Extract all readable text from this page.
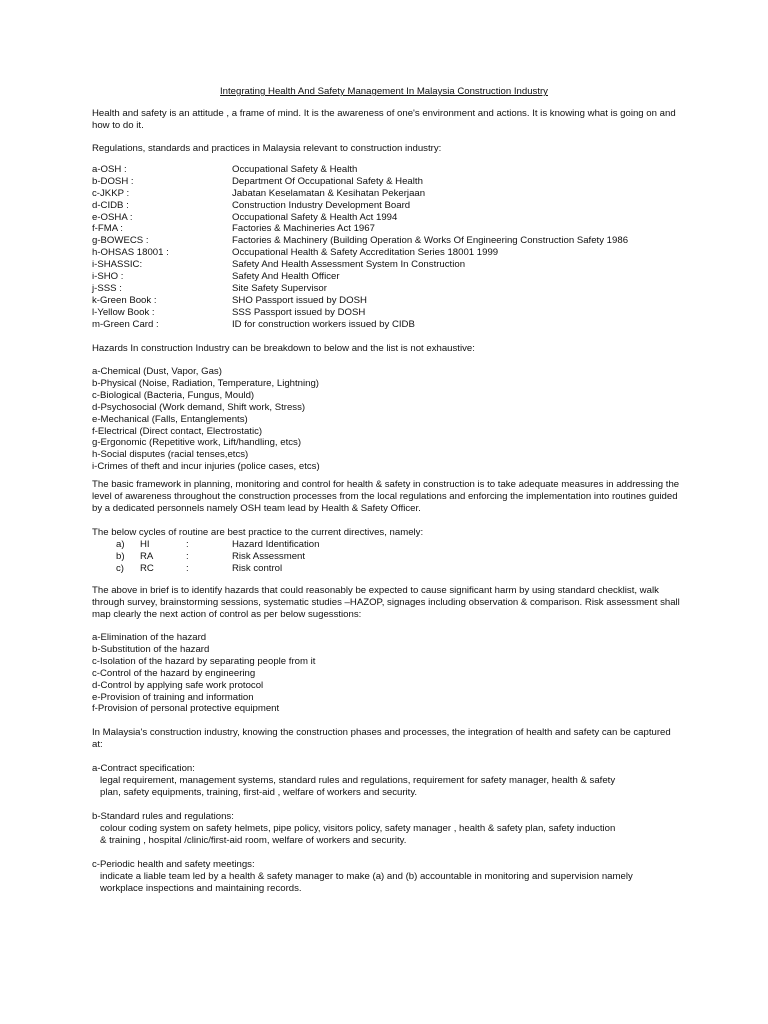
Integrating Health And Safety Management In Malaysia Construction Industry

Health and safety is an attitude , a frame of mind. It is the awareness of one's environment and actions. It is knowing what is going on and how to do it.

Regulations, standards and practices in Malaysia relevant to construction industry:

a-OSH :	Occupational Safety & Health
b-DOSH :	Department Of Occupational Safety & Health
c-JKKP :	Jabatan Keselamatan & Kesihatan Pekerjaan
d-CIDB :	Construction Industry Development Board
e-OSHA :	Occupational Safety & Health Act 1994
f-FMA :	Factories & Machineries Act 1967
g-BOWECS :	Factories & Machinery (Building Operation & Works Of Engineering Construction Safety 1986
h-OHSAS 18001 :	Occupational Health & Safety Accreditation Series 18001 1999
i-SHASSIC:	Safety And Health Assessment System In Construction
i-SHO :	Safety And Health Officer
j-SSS :	Site Safety Supervisor
k-Green Book :	SHO Passport issued by DOSH
l-Yellow Book :	SSS Passport issued by DOSH
m-Green Card :	ID for construction workers issued by CIDB

Hazards In construction Industry can be breakdown to below and the list is not exhaustive:

a-Chemical (Dust, Vapor, Gas)
b-Physical (Noise, Radiation, Temperature, Lightning)
c-Biological (Bacteria, Fungus, Mould)
d-Psychosocial (Work demand, Shift work, Stress)
e-Mechanical (Falls, Entanglements)
f-Electrical (Direct contact, Electrostatic)
g-Ergonomic (Repetitive work, Lift/handling, etcs)
h-Social disputes (racial tenses,etcs)
i-Crimes of theft and incur injuries (police cases, etcs)

The basic framework in planning, monitoring and control for health & safety in construction is to take adequate measures in addressing the level of awareness throughout the construction processes from the local regulations and enforcing the implementation into routines guided by a dedicated personnels namely OSH team lead by Health & Safety Officer.

The below cycles of routine are best practice to the current directives, namely:

a)	HI	:	Hazard Identification
b)	RA	:	Risk Assessment
c)	RC	:	Risk control

The above in brief is to identify hazards that could reasonably be expected to cause significant harm by using standard checklist, walk through survey, brainstorming sessions, systematic studies –HAZOP, signages including observation & comparison. Risk assessment shall map clearly the next action of control as per below sugesstions:

a-Elimination of the hazard
b-Substitution of the hazard
c-Isolation of the hazard by separating people from it
c-Control of the hazard by engineering
d-Control by applying safe work protocol
e-Provision of training and information
f-Provision of personal protective equipment

In Malaysia's construction industry, knowing the construction phases and processes, the integration of health and safety can be captured at:

a-Contract specification:
legal requirement, management systems, standard rules and regulations, requirement for safety manager, health & safety
plan, safety equipments, training, first-aid , welfare of workers and security.
b-Standard rules and regulations:
colour coding system on safety helmets, pipe policy, visitors policy, safety manager , health & safety plan, safety induction
& training , hospital /clinic/first-aid room, welfare of workers and security.
c-Periodic health and safety meetings:
indicate a liable team led by a health & safety manager to make (a) and (b) accountable in monitoring and supervision namely
workplace inspections and maintaining records.
